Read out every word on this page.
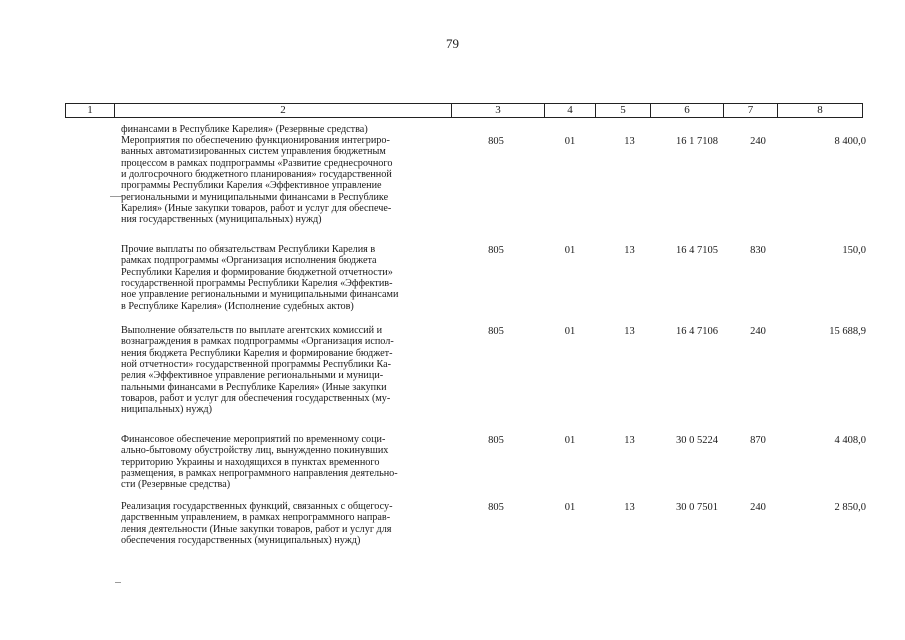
79
1	2	3	4	5	6	7	8
финансами в Республике Карелия» (Резервные средства)
Мероприятия по обеспечению функционирования интегриро-
ванных автоматизированных систем управления бюджетным
процессом в рамках подпрограммы «Развитие среднесрочного
и долгосрочного бюджетного планирования» государственной
программы Республики Карелия «Эффективное управление
региональными и муниципальными финансами в Республике
Карелия» (Иные закупки товаров, работ и услуг для обеспече-
ния государственных (муниципальных) нужд)
805	01	13	16 1 7108	240	8 400,0
Прочие выплаты по обязательствам Республики Карелия в
рамках подпрограммы «Организация исполнения бюджета
Республики Карелия и формирование бюджетной отчетности»
государственной программы Республики Карелия «Эффектив-
ное управление региональными и муниципальными финансами
в Республике Карелия» (Исполнение судебных актов)
805	01	13	16 4 7105	830	150,0
Выполнение обязательств по выплате агентских комиссий и
вознаграждения в рамках подпрограммы «Организация испол-
нения бюджета Республики Карелия и формирование бюджет-
ной отчетности» государственной программы Республики Ка-
релия «Эффективное управление региональными и муници-
пальными финансами в Республике Карелия» (Иные закупки
товаров, работ и услуг для обеспечения государственных (му-
ниципальных) нужд)
805	01	13	16 4 7106	240	15 688,9
Финансовое обеспечение мероприятий по временному соци-
ально-бытовому обустройству лиц, вынужденно покинувших
территорию Украины и находящихся в пунктах временного
размещения, в рамках непрограммного направления деятельно-
сти (Резервные средства)
805	01	13	30 0 5224	870	4 408,0
Реализация государственных функций, связанных с общегосу-
дарственным управлением, в рамках непрограммного направ-
ления деятельности (Иные закупки товаров, работ и услуг для
обеспечения государственных (муниципальных) нужд)
805	01	13	30 0 7501	240	2 850,0
